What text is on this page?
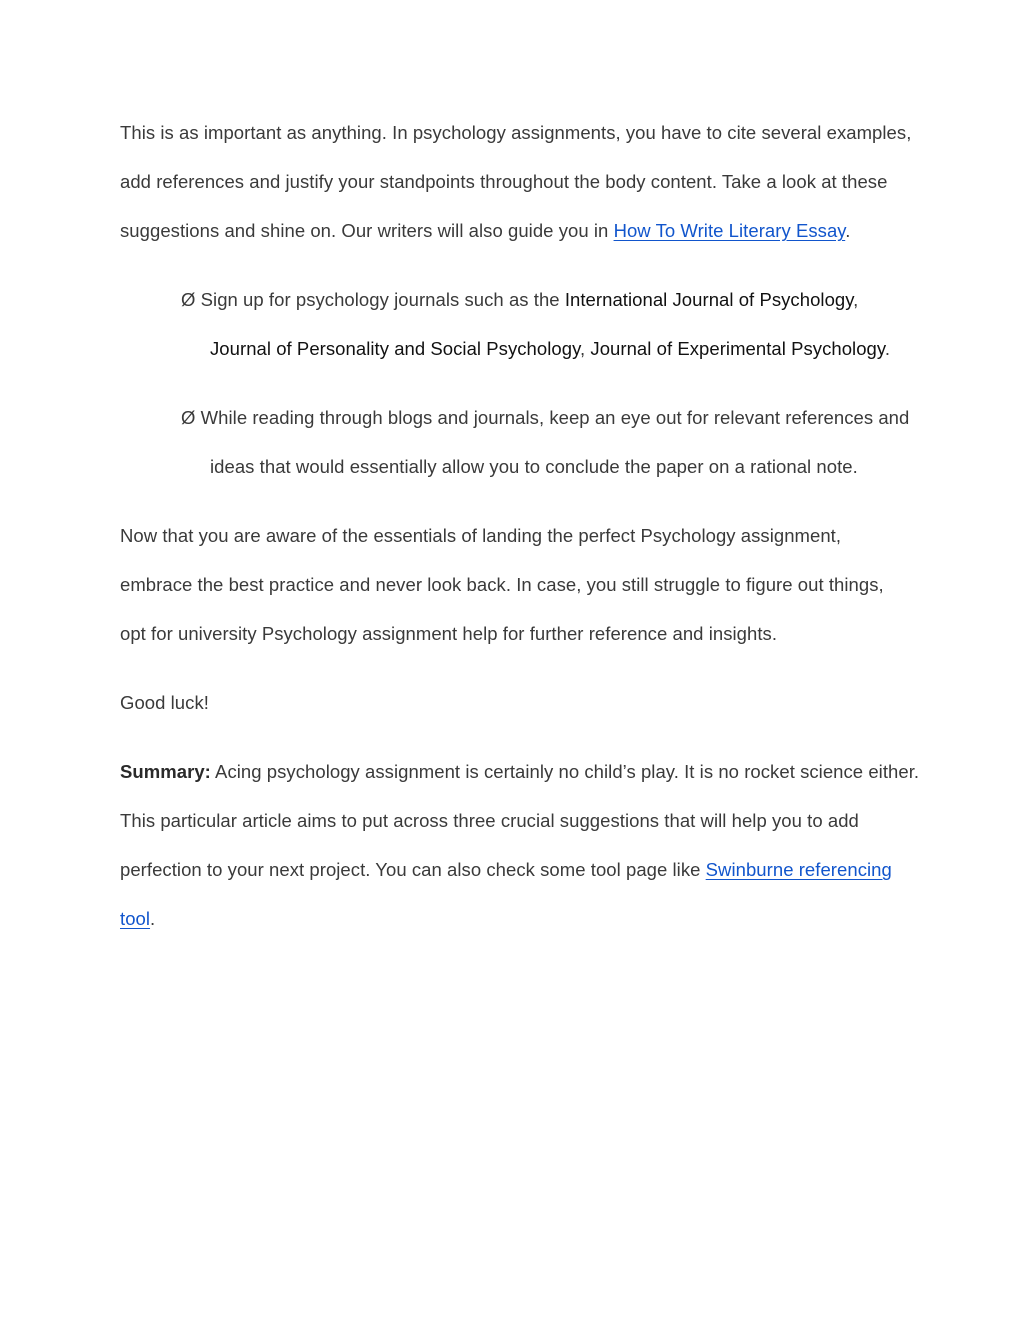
This is as important as anything. In psychology assignments, you have to cite several examples,
add references and justify your standpoints throughout the body content. Take a look at these
suggestions and shine on. Our writers will also guide you in How To Write Literary Essay.
Ø Sign up for psychology journals such as the International Journal of Psychology,
Journal of Personality and Social Psychology, Journal of Experimental Psychology.
Ø While reading through blogs and journals, keep an eye out for relevant references and
ideas that would essentially allow you to conclude the paper on a rational note.
Now that you are aware of the essentials of landing the perfect Psychology assignment,
embrace the best practice and never look back. In case, you still struggle to figure out things,
opt for university Psychology assignment help for further reference and insights.
Good luck!
Summary: Acing psychology assignment is certainly no child’s play. It is no rocket science either.
This particular article aims to put across three crucial suggestions that will help you to add
perfection to your next project. You can also check some tool page like Swinburne referencing
tool.
